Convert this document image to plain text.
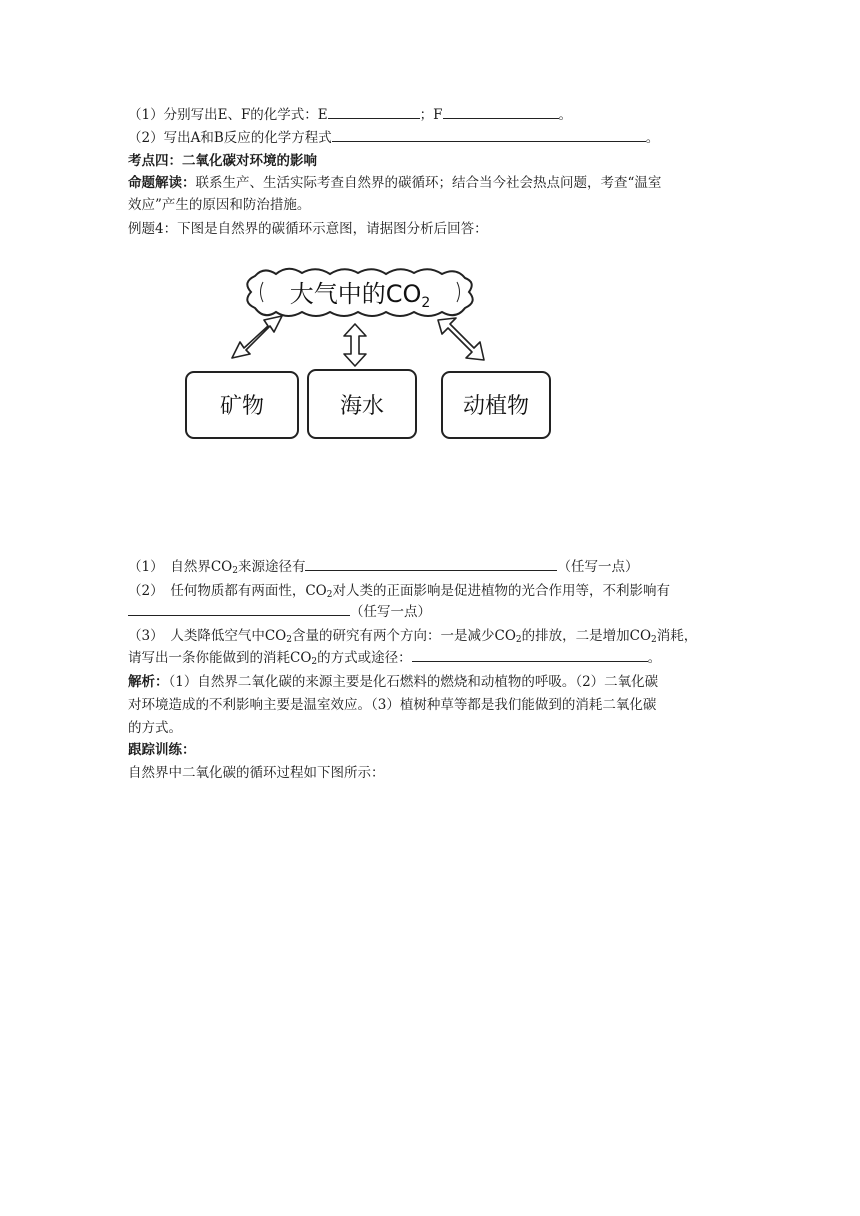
（1）分别写出E、F的化学式：E	；F	。
（2）写出A和B反应的化学方程式	。
考点四：二氧化碳对环境的影响
命题解读：联系生产、生活实际考查自然界的碳循环；结合当今社会热点问题，考查“温室
效应”产生的原因和防治措施。
例题4：下图是自然界的碳循环示意图，请据图分析后回答：
大气中的$CO_2$
矿物	海水	动植物
（1）　自然界$CO_2$来源途径有	（任写一点）
（2）　任何物质都有两面性，$CO_2$对人类的正面影响是促进植物的光合作用等，不利影响有
（任写一点）
（3）　人类降低空气中$CO_2$含量的研究有两个方向：一是减少$CO_2$的排放，二是增加$CO_2$消耗，
请写出一条你能做到的消耗$CO_2$的方式或途径：	。
解析：（1）自然界二氧化碳的来源主要是化石燃料的燃烧和动植物的呼吸。（2）二氧化碳
对环境造成的不利影响主要是温室效应。（3）植树种草等都是我们能做到的消耗二氧化碳
的方式。
跟踪训练：
自然界中二氧化碳的循环过程如下图所示：
